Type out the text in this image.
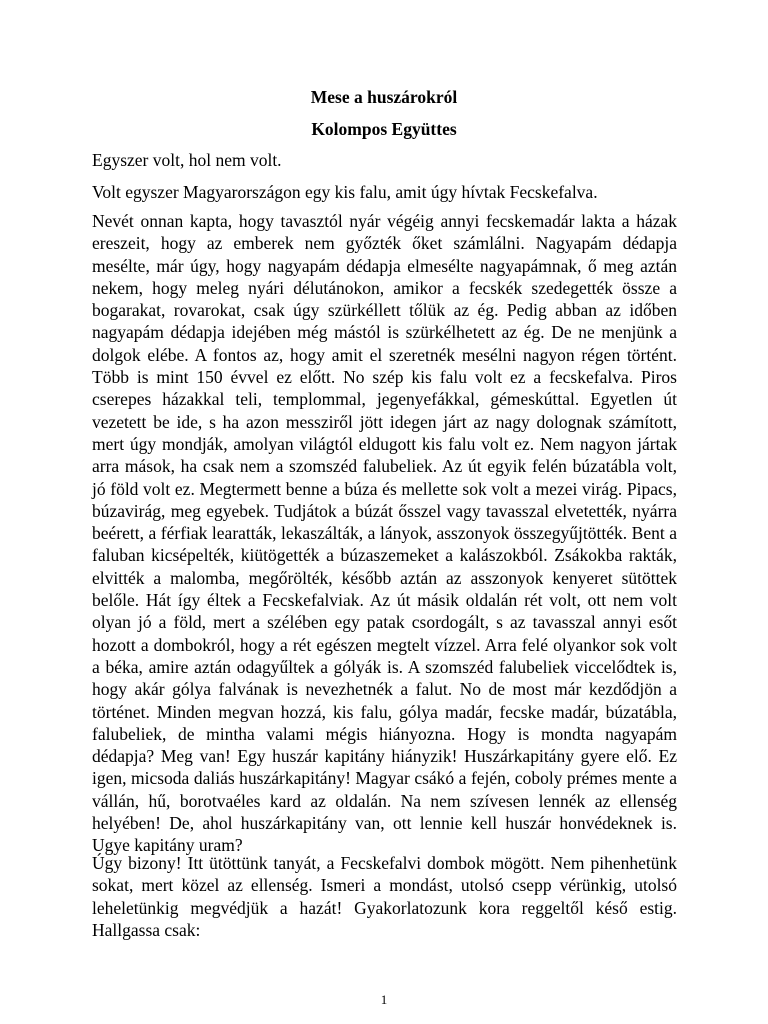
Mese a huszárokról
Kolompos Együttes

Egyszer volt, hol nem volt.

Volt egyszer Magyarországon egy kis falu, amit úgy hívtak Fecskefalva.

Nevét onnan kapta, hogy tavasztól nyár végéig annyi fecskemadár lakta a házak ereszeit, hogy az emberek nem győzték őket számlálni. Nagyapám dédapja mesélte, már úgy, hogy nagyapám dédapja elmesélte nagyapámnak, ő meg aztán nekem, hogy meleg nyári délutánokon, amikor a fecskék szedegették össze a bogarakat, rovarokat, csak úgy szürkéllett tőlük az ég. Pedig abban az időben nagyapám dédapja idejében még mástól is szürkélhetett az ég. De ne menjünk a dolgok elébe. A fontos az, hogy amit el szeretnék mesélni nagyon régen történt. Több is mint 150 évvel ez előtt. No szép kis falu volt ez a fecskefalva. Piros cserepes házakkal teli, templommal, jegenyefákkal, gémeskúttal. Egyetlen út vezetett be ide, s ha azon messziről jött idegen járt az nagy dolognak számított, mert úgy mondják, amolyan világtól eldugott kis falu volt ez. Nem nagyon jártak arra mások, ha csak nem a szomszéd falubeliek. Az út egyik felén búzatábla volt, jó föld volt ez. Megtermett benne a búza és mellette sok volt a mezei virág. Pipacs, búzavirág, meg egyebek. Tudjátok a búzát ősszel vagy tavasszal elvetették, nyárra beérett, a férfiak learatták, lekaszálták, a lányok, asszonyok összegyűjtötték. Bent a faluban kicsépelték, kiütögették a búzaszemeket a kalászokból. Zsákokba rakták, elvitték a malomba, megőrölték, később aztán az asszonyok kenyeret sütöttek belőle. Hát így éltek a Fecskefalviak. Az út másik oldalán rét volt, ott nem volt olyan jó a föld, mert a szélében egy patak csordogált, s az tavasszal annyi esőt hozott a dombokról, hogy a rét egészen megtelt vízzel. Arra felé olyankor sok volt a béka, amire aztán odagyűltek a gólyák is. A szomszéd falubeliek viccelődtek is, hogy akár gólya falvának is nevezhetnék a falut. No de most már kezdődjön a történet. Minden megvan hozzá, kis falu, gólya madár, fecske madár, búzatábla, falubeliek, de mintha valami mégis hiányozna. Hogy is mondta nagyapám dédapja? Meg van! Egy huszár kapitány hiányzik! Huszárkapitány gyere elő. Ez igen, micsoda daliás huszárkapitány! Magyar csákó a fején, coboly prémes mente a vállán, hű, borotvaéles kard az oldalán. Na nem szívesen lennék az ellenség helyében! De, ahol huszárkapitány van, ott lennie kell huszár honvédeknek is. Ugye kapitány uram?

Úgy bizony! Itt ütöttünk tanyát, a Fecskefalvi dombok mögött. Nem pihenhetünk sokat, mert közel az ellenség. Ismeri a mondást, utolsó csepp vérünkig, utolsó leheletünkig megvédjük a hazát! Gyakorlatozunk kora reggeltől késő estig. Hallgassa csak:

1
